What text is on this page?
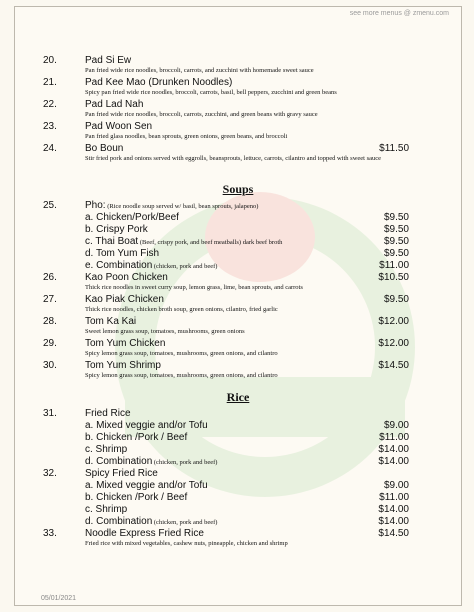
see more menus @ zmenu.com
20.	Pad Si Ew
Pan fried wide rice noodles, broccoli, carrots, and zucchini with homemade sweet sauce
21.	Pad Kee Mao (Drunken Noodles)
Spicy pan fried wide rice noodles, broccoli, carrots, basil, bell peppers, zucchini and green beans
22.	Pad Lad Nah
Pan fried wide rice noodles, broccoli, carrots, zucchini, and green beans with gravy sauce
23.	Pad Woon Sen
Pan fried glass noodles, bean sprouts, green onions, green beans, and broccoli
24.	Bo Boun	$11.50
Stir fried pork and onions served with eggrolls, beansprouts, lettuce, carrots, cilantro and topped with sweet sauce
Soups
25.	Pho: (Rice noodle soup served w/ basil, bean sprouts, jalapeno)
a. Chicken/Pork/Beef	$9.50
b. Crispy Pork	$9.50
c. Thai Boat (Beef, crispy pork, and beef meatballs) dark beef broth	$9.50
d. Tom Yum Fish	$9.50
e. Combination (chicken, pork and beef)	$11.00
26.	Kao Poon Chicken	$10.50
Thick rice noodles in sweet curry soup, lemon grass, lime, bean sprouts, and carrots
27.	Kao Piak Chicken	$9.50
Thick rice noodles, chicken broth soup, green onions, cilantro, fried garlic
28.	Tom Ka Kai	$12.00
Sweet lemon grass soup, tomatoes, mushrooms, green onions
29.	Tom Yum Chicken	$12.00
Spicy lemon grass soup, tomatoes, mushrooms, green onions, and cilantro
30.	Tom Yum Shrimp	$14.50
Spicy lemon grass soup, tomatoes, mushrooms, green onions, and cilantro
Rice
31.	Fried Rice
a. Mixed veggie and/or Tofu	$9.00
b. Chicken /Pork / Beef	$11.00
c. Shrimp	$14.00
d. Combination (chicken, pork and beef)	$14.00
32.	Spicy Fried Rice
a. Mixed veggie and/or Tofu	$9.00
b. Chicken /Pork / Beef	$11.00
c. Shrimp	$14.00
d. Combination (chicken, pork and beef)	$14.00
33.	Noodle Express Fried Rice	$14.50
Fried rice with mixed vegetables, cashew nuts, pineapple, chicken and shrimp
05/01/2021
